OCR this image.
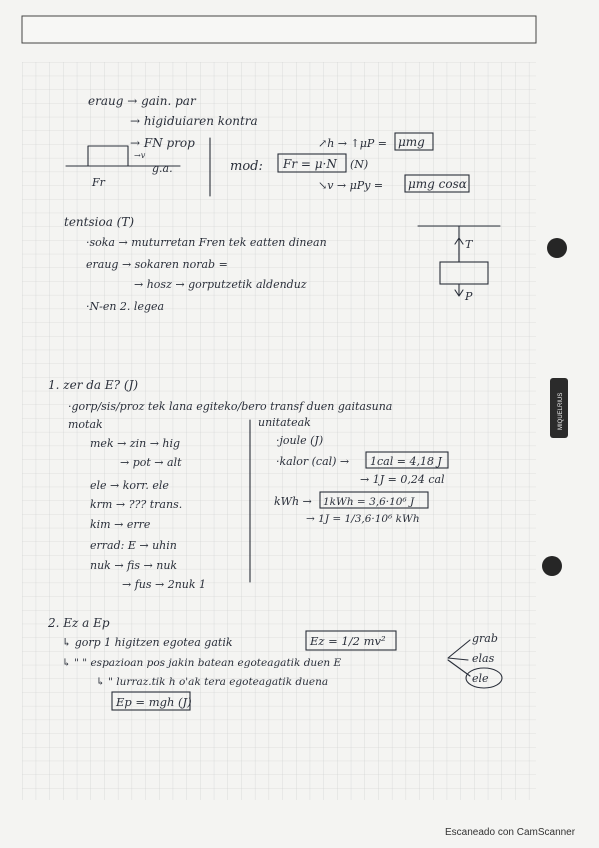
MIQUELRIUS
eraug → gain. par
→ higiduiaren kontra
→ FN prop
g.a.
→v
Fr
mod: Fr = μ·N (N)
↗h → ↑μP = μmg
↘v → μPy = μmg cosα
tentsioa (T)
·soka → muturretan Fren tek eatten dinean
eraug → sokaren norab =
→ hosz → gorputzetik aldenduz
·N-en 2. legea
T
P
1. zer da E? (J)
·gorp/sis/proz tek lana egiteko/bero transf duen gaitasuna
motak
mek → zin → hig
→ pot → alt
ele → korr. ele
krm → ??? trans.
kim → erre
errad: E → uhin
nuk → fis → nuk
→ fus → 2nuk 1
unitateak
·joule (J)
·kalor (cal) → 1cal = 4,18 J
→ 1J = 0,24 cal
kWh → 1kWh = 3,6·10⁶ J
→ 1J = 1/3,6·10⁶ kWh
2. Ez a Ep
↳ gorp 1 higitzen egotea gatik	Ez = 1/2 mv²
↳ " " espazioan pos jakin batean egoteagatik duen E
↳ " lurraz.tik h o'ak tera egoteagatik duena
Ep = mgh (J)
grab
elas
ele
Escaneado con CamScanner
